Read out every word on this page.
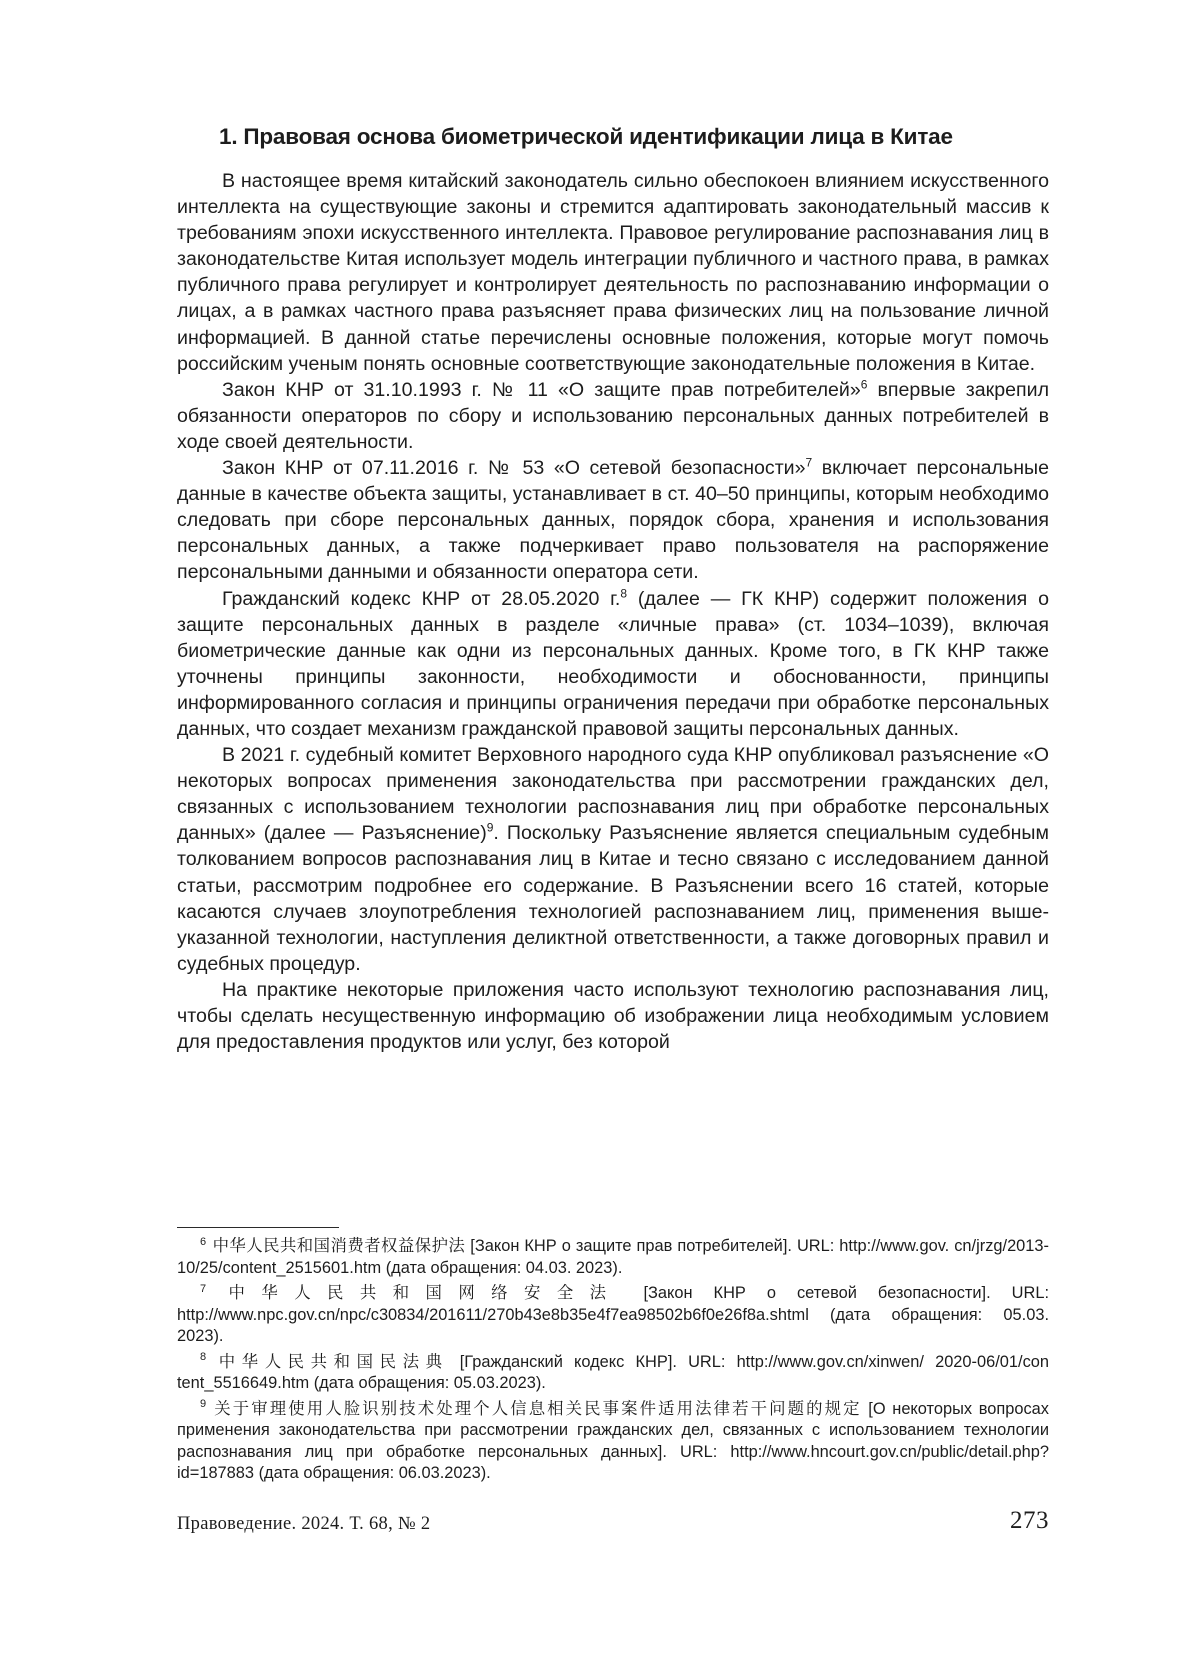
1. Правовая основа биометрической идентификации лица в Китае

В настоящее время китайский законодатель сильно обеспокоен влиянием искусственного интеллекта на существующие законы и стремится адаптировать законодательный массив к требованиям эпохи искусственного интеллекта. Правовое регулирование распознавания лиц в законодательстве Китая использует модель интеграции публичного и частного права, в рамках публичного права регулирует и контролирует деятельность по распознаванию информации о лицах, а в рамках частного права разъясняет права физических лиц на пользование личной информацией. В данной статье перечислены основные положения, которые могут помочь российским ученым понять основные соответствующие законодательные положения в Китае.

Закон КНР от 31.10.1993 г. № 11 «О защите прав потребителей»$^6$ впервые закрепил обязанности операторов по сбору и использованию персональных данных потребителей в ходе своей деятельности.

Закон КНР от 07.11.2016 г. № 53 «О сетевой безопасности»$^7$ включает персональные данные в качестве объекта защиты, устанавливает в ст. 40–50 принципы, которым необходимо следовать при сборе персональных данных, порядок сбора, хранения и использования персональных данных, а также подчеркивает право пользователя на распоряжение персональными данными и обязанности оператора сети.

Гражданский кодекс КНР от 28.05.2020 г.$^8$ (далее — ГК КНР) содержит положения о защите персональных данных в разделе «личные права» (ст. 1034–1039), включая биометрические данные как одни из персональных данных. Кроме того, в ГК КНР также уточнены принципы законности, необходимости и обоснованности, принципы информированного согласия и принципы ограничения передачи при обработке персональных данных, что создает механизм гражданской правовой защиты персональных данных.

В 2021 г. судебный комитет Верховного народного суда КНР опубликовал разъяснение «О некоторых вопросах применения законодательства при рассмотрении гражданских дел, связанных с использованием технологии распознавания лиц при обработке персональных данных» (далее — Разъяснение)$^9$. Поскольку Разъяснение является специальным судебным толкованием вопросов распознавания лиц в Китае и тесно связано с исследованием данной статьи, рассмотрим подробнее его содержание. В Разъяснении всего 16 статей, которые касаются случаев злоупотребления технологией распознаванием лиц, применения вышеуказанной технологии, наступления деликтной ответственности, а также договорных правил и судебных процедур.

На практике некоторые приложения часто используют технологию распознавания лиц, чтобы сделать несущественную информацию об изображении лица необходимым условием для предоставления продуктов или услуг, без которой

$^6$ 中华人民共和国消费者权益保护法 [Закон КНР о защите прав потребителей]. URL: http://www.gov. cn/jrzg/2013-10/25/content_2515601.htm (дата обращения: 04.03. 2023).

$^7$ 中华人民共和国网络安全法 [Закон КНР о сетевой безопасности]. URL: http://www.npc.gov.cn/npc/c30834/201611/270b43e8b35e4f7ea98502b6f0e26f8a.shtml (дата обращения: 05.03. 2023).

$^8$ 中华人民共和国民法典 [Гражданский кодекс КНР]. URL: http://www.gov.cn/xinwen/ 2020-06/01/con tent_5516649.htm (дата обращения: 05.03.2023).

$^9$ 关于审理使用人脸识别技术处理个人信息相关民事案件适用法律若干问题的规定 [О некоторых вопросах применения законодательства при рассмотрении гражданских дел, связанных с использованием технологии распознавания лиц при обработке персональных данных]. URL: http://www.hncourt.gov.cn/public/detail.php?id=187883 (дата обращения: 06.03.2023).

Правоведение. 2024. Т. 68, № 2	273
